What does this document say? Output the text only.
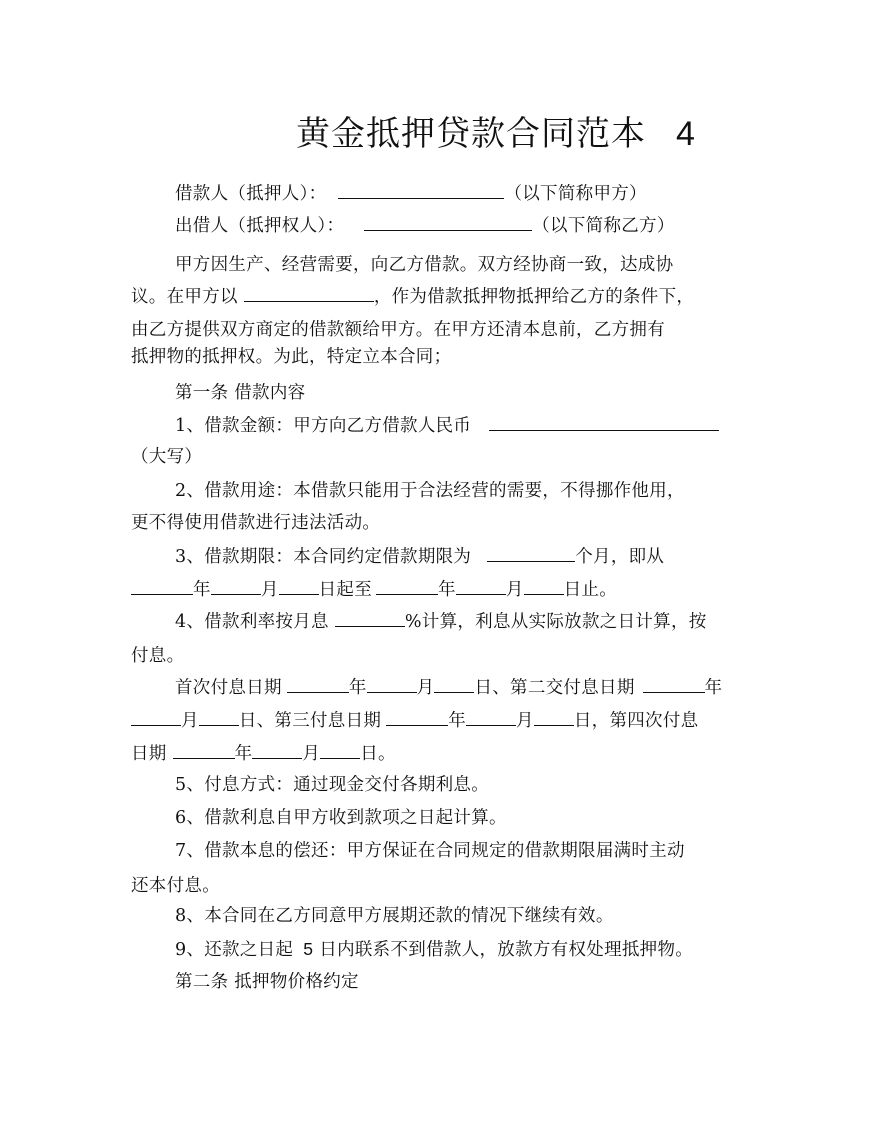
黄金抵押贷款合同范本 4
借款人（抵押人）：	（以下简称甲方）
出借人（抵押权人）：	（以下简称乙方）
甲方因生产、经营需要，向乙方借款。双方经协商一致，达成协
议。在甲方以	，作为借款抵押物抵押给乙方的条件下，
由乙方提供双方商定的借款额给甲方。在甲方还清本息前，乙方拥有
抵押物的抵押权。为此，特定立本合同；
第一条 借款内容
1、借款金额：甲方向乙方借款人民币
（大写）
2、借款用途：本借款只能用于合法经营的需要，不得挪作他用，
更不得使用借款进行违法活动。
3、借款期限：本合同约定借款期限为	个月，即从
年	月 日起至	年	月 日止。
4、借款利率按月息	%计算，利息从实际放款之日计算，按
付息。
首次付息日期	年	月 日、第二交付息日期	年
月 日、第三付息日期	年	月 日，第四次付息
日期	年	月 日。
5、付息方式：通过现金交付各期利息。
6、借款利息自甲方收到款项之日起计算。
7、借款本息的偿还：甲方保证在合同规定的借款期限届满时主动
还本付息。
8、本合同在乙方同意甲方展期还款的情况下继续有效。
9、还款之日起 5 日内联系不到借款人，放款方有权处理抵押物。
第二条 抵押物价格约定
